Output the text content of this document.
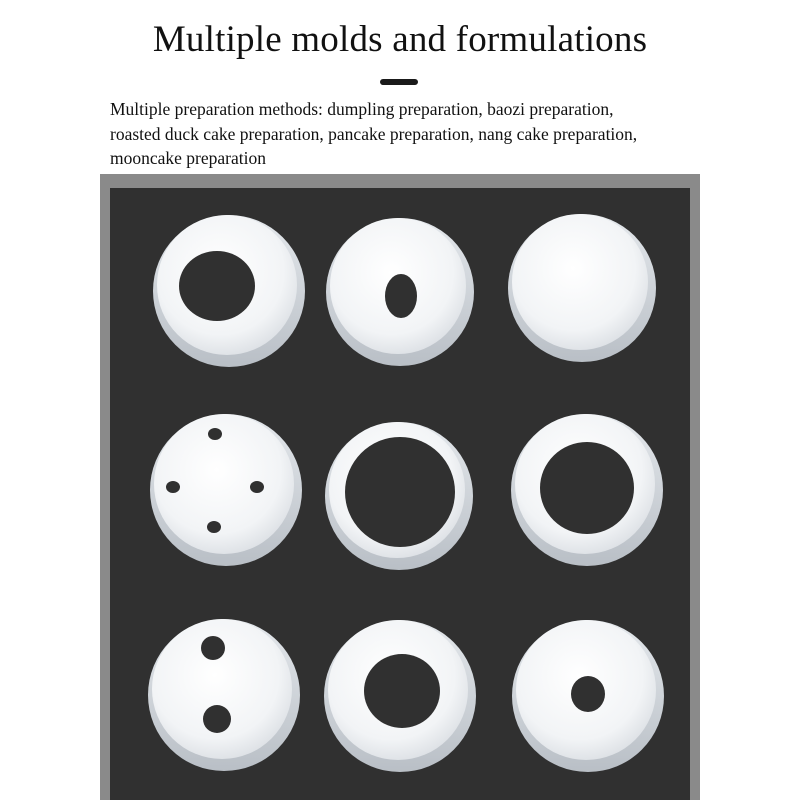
Multiple molds and formulations
Multiple preparation methods: dumpling preparation, baozi preparation,
roasted duck cake preparation, pancake preparation, nang cake preparation,
mooncake preparation
